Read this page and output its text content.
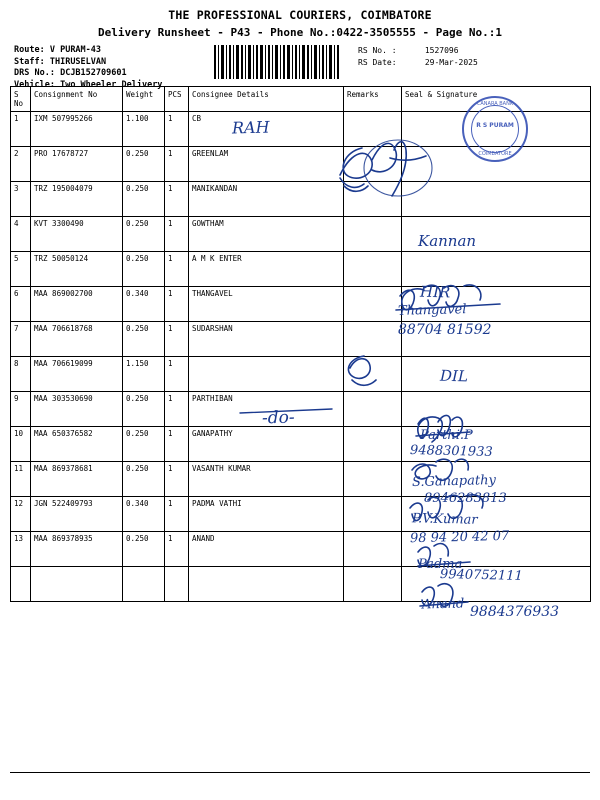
THE PROFESSIONAL COURIERS, COIMBATORE
Delivery Runsheet - P43 - Phone No.:0422-3505555 - Page No.:1
Route: V PURAM-43
Staff: THIRUSELVAN
DRS No.: DCJB152709601
Vehicle: Two Wheeler Delivery
RS No. :	1527096
RS Date:	29-Mar-2025
S No	Consignment No	Weight	PCS	Consignee Details	Remarks	Seal & Signature
1	IXM 507995266	1.100	1	CB		
2	PRO 17678727	0.250	1	GREENLAM		
3	TRZ 195004079	0.250	1	MANIKANDAN		
4	KVT 3300490	0.250	1	GOWTHAM		
5	TRZ 50050124	0.250	1	A M K ENTER		
6	MAA 869002700	0.340	1	THANGAVEL		
7	MAA 706618768	0.250	1	SUDARSHAN		
8	MAA 706619099	1.150	1			
9	MAA 303530690	0.250	1	PARTHIBAN		
10	MAA 650376582	0.250	1	GANAPATHY		
11	MAA 869378681	0.250	1	VASANTH KUMAR		
12	JGN 522409793	0.340	1	PADMA VATHI		
13	MAA 869378935	0.250	1	ANAND		

CANARA BANK
R S PURAM
COIMBATORE
RAH
Kannan
HIR
Thangavel
88704 81592
DIL
-do-
Parthi.P
9488301933
S.Ganapathy
8946283813
P.V.Kumar
98 94 20 42 07
Padma
9940752111
Anand 9884376933
